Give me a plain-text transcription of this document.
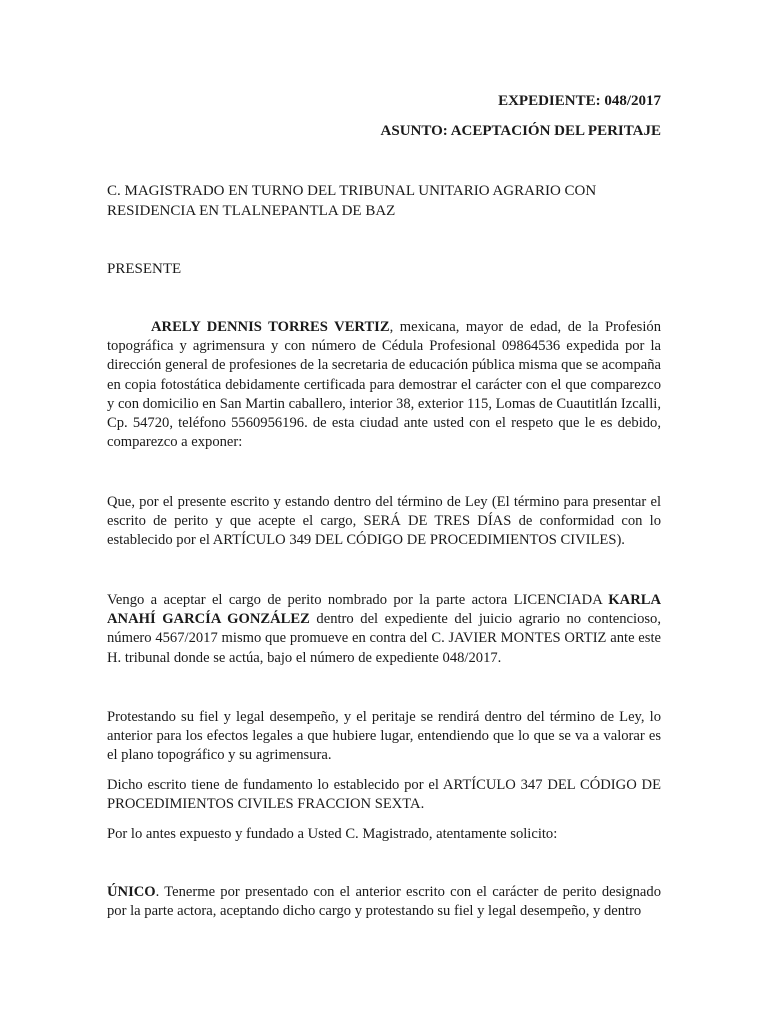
EXPEDIENTE: 048/2017
ASUNTO: ACEPTACIÓN DEL PERITAJE
C. MAGISTRADO EN TURNO DEL TRIBUNAL UNITARIO AGRARIO CON
RESIDENCIA EN TLALNEPANTLA DE BAZ
PRESENTE
ARELY DENNIS TORRES VERTIZ, mexicana, mayor de edad, de la Profesión topográfica y agrimensura y con número de Cédula Profesional 09864536 expedida por la dirección general de profesiones de la secretaria de educación pública misma que se acompaña en copia fotostática debidamente certificada para demostrar el carácter con el que comparezco y con domicilio en San Martin caballero, interior 38, exterior 115, Lomas de Cuautitlán Izcalli, Cp. 54720, teléfono 5560956196. de esta ciudad ante usted con el respeto que le es debido, comparezco a exponer:
Que, por el presente escrito y estando dentro del término de Ley (El término para presentar el escrito de perito y que acepte el cargo, SERÁ DE TRES DÍAS de conformidad con lo establecido por el ARTÍCULO 349 DEL CÓDIGO DE PROCEDIMIENTOS CIVILES).
Vengo a aceptar el cargo de perito nombrado por la parte actora LICENCIADA KARLA ANAHÍ GARCÍA GONZÁLEZ dentro del expediente del juicio agrario no contencioso, número 4567/2017 mismo que promueve en contra del C. JAVIER MONTES ORTIZ ante este H. tribunal donde se actúa, bajo el número de expediente 048/2017.
Protestando su fiel y legal desempeño, y el peritaje se rendirá dentro del término de Ley, lo anterior para los efectos legales a que hubiere lugar, entendiendo que lo que se va a valorar es el plano topográfico y su agrimensura.
Dicho escrito tiene de fundamento lo establecido por el ARTÍCULO 347 DEL CÓDIGO DE PROCEDIMIENTOS CIVILES FRACCION SEXTA.
Por lo antes expuesto y fundado a Usted C. Magistrado, atentamente solicito:
ÚNICO. Tenerme por presentado con el anterior escrito con el carácter de perito designado por la parte actora, aceptando dicho cargo y protestando su fiel y legal desempeño, y dentro
